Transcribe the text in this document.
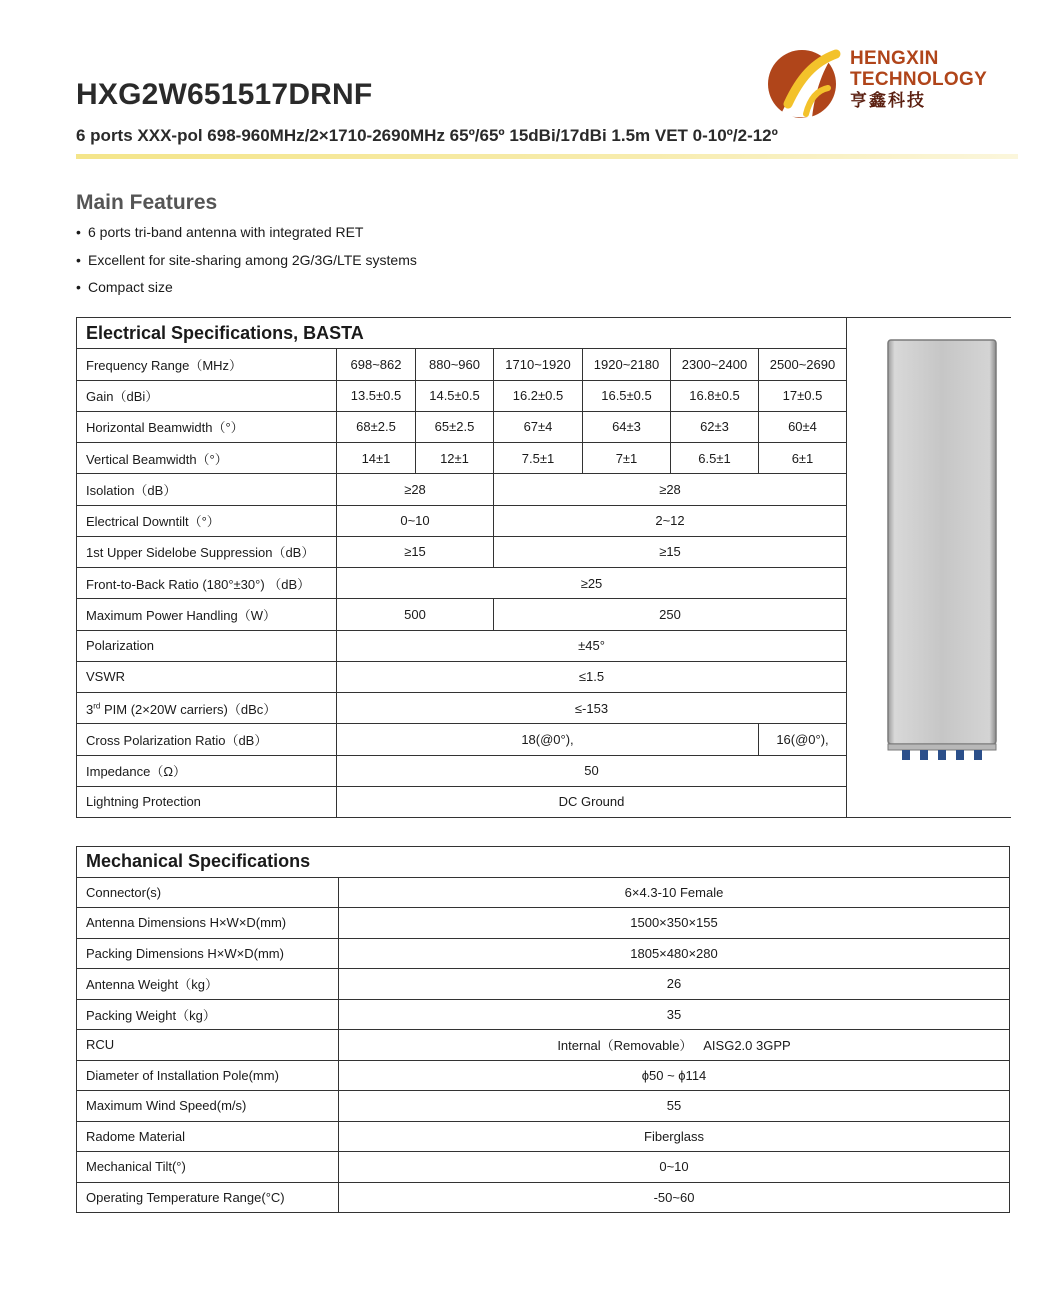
HXG2W651517DRNF
6 ports XXX-pol 698-960MHz/2×1710-2690MHz 65º/65º 15dBi/17dBi 1.5m VET 0-10º/2-12º
HENGXIN
TECHNOLOGY
亨鑫科技
Main Features
• 6 ports tri-band antenna with integrated RET
• Excellent for site-sharing among 2G/3G/LTE systems
• Compact size
Electrical Specifications, BASTA	
Frequency Range（MHz）	698~862	880~960	1710~1920	1920~2180	2300~2400	2500~2690	
Gain（dBi）	13.5±0.5	14.5±0.5	16.2±0.5	16.5±0.5	16.8±0.5	17±0.5	
Horizontal Beamwidth（°）	68±2.5	65±2.5	67±4	64±3	62±3	60±4	
Vertical Beamwidth（°）	14±1	12±1	7.5±1	7±1	6.5±1	6±1	
Isolation（dB）	≥28		≥28				
Electrical Downtilt（°）	0~10		2~12				
1st Upper Sidelobe Suppression（dB）	≥15		≥15				
Front-to-Back Ratio (180°±30°) （dB）	≥25						
Maximum Power Handling（W）	500		250				
Polarization	±45°						
VSWR	≤1.5						
3rd PIM (2×20W carriers)（dBc）	≤-153						
Cross Polarization Ratio（dB）	18(@0°),					16(@0°),	
Impedance（Ω）	50						
Lightning Protection	DC Ground						
Mechanical Specifications	
Connector(s)	6×4.3-10 Female
Antenna Dimensions H×W×D(mm)	1500×350×155
Packing Dimensions H×W×D(mm)	1805×480×280
Antenna Weight（kg）	26
Packing Weight（kg）	35
RCU	Internal（Removable）   AISG2.0 3GPP
Diameter of Installation Pole(mm)	ϕ50 ~ ϕ114
Maximum Wind Speed(m/s)	55
Radome Material	Fiberglass
Mechanical Tilt(°)	0~10
Operating Temperature Range(°C)	-50~60
